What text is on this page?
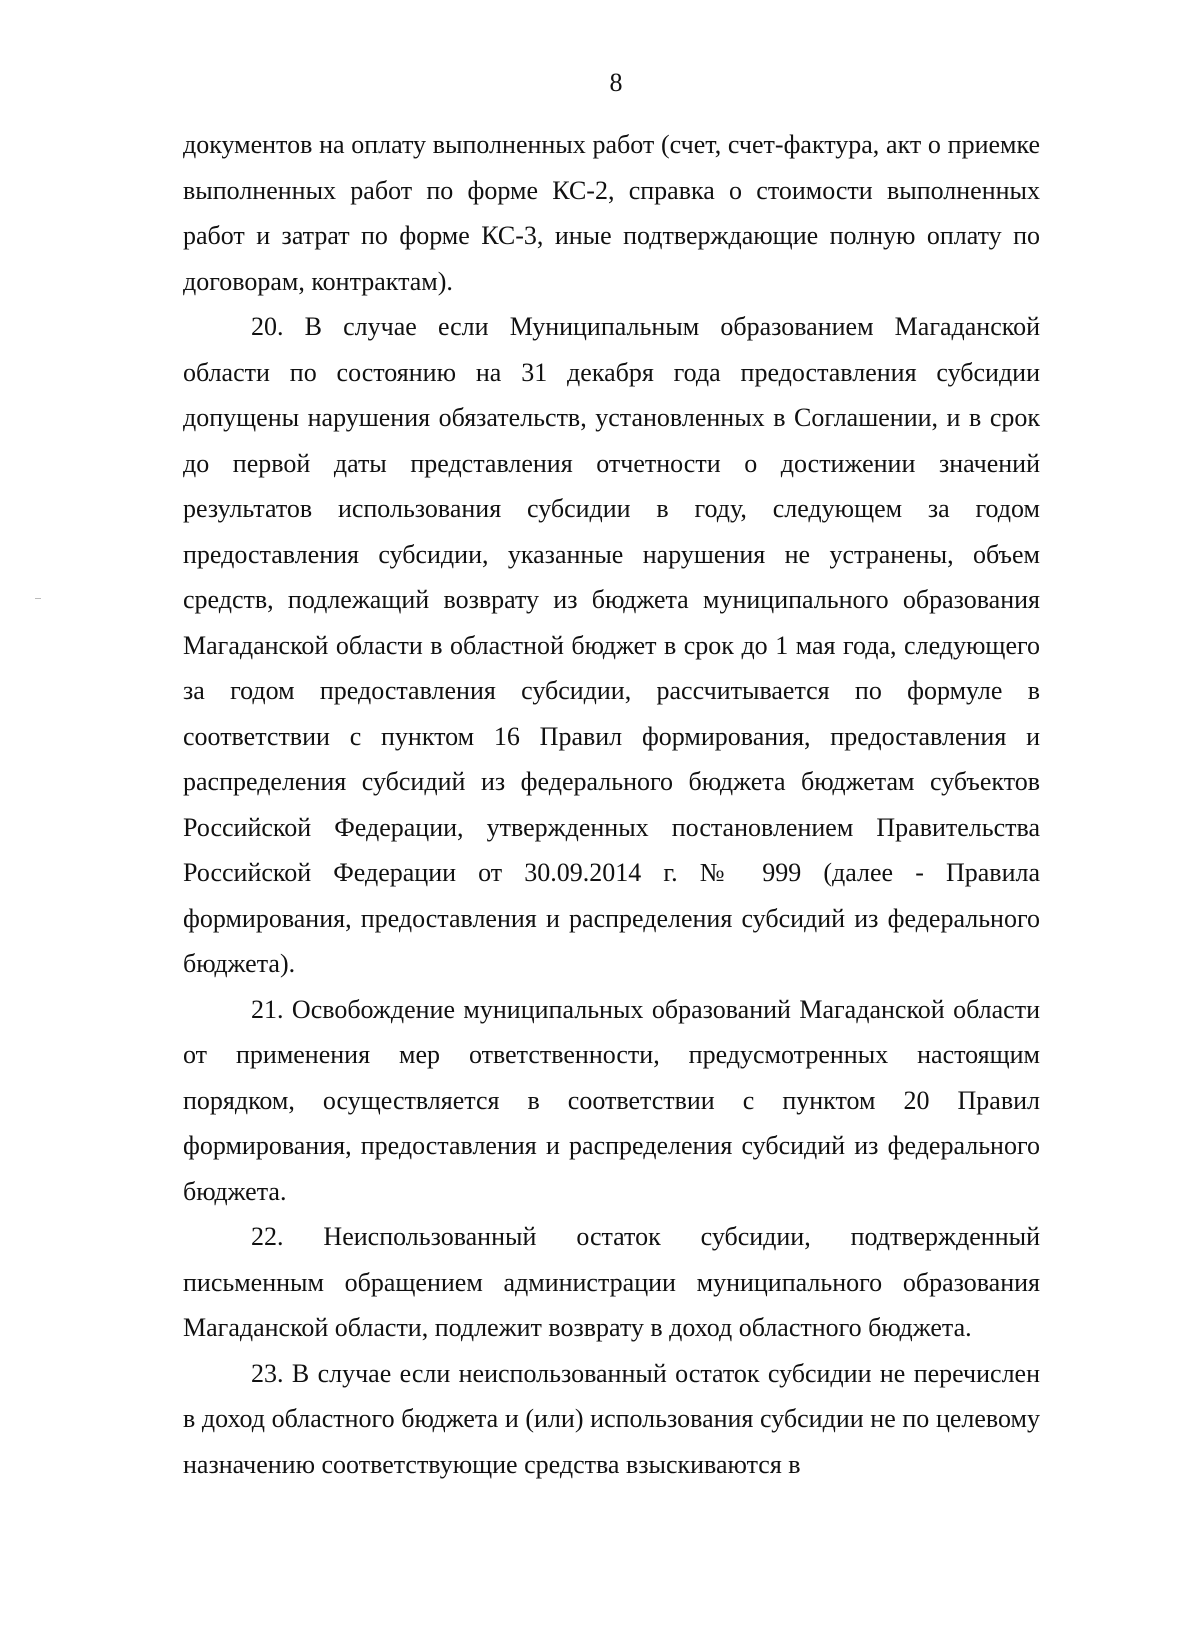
8

документов на оплату выполненных работ (счет, счет-фактура, акт о приемке выполненных работ по форме КС-2, справка о стоимости выполненных работ и затрат по форме КС-3, иные подтверждающие полную оплату по договорам, контрактам).

20. В случае если Муниципальным образованием Магаданской области по состоянию на 31 декабря года предоставления субсидии допущены нарушения обязательств, установленных в Соглашении, и в срок до первой даты представления отчетности о достижении значений результатов использования субсидии в году, следующем за годом предоставления субсидии, указанные нарушения не устранены, объем средств, подлежащий возврату из бюджета муниципального образования Магаданской области в областной бюджет в срок до 1 мая года, следующего за годом предоставления субсидии, рассчитывается по формуле в соответствии с пунктом 16 Правил формирования, предоставления и распределения субсидий из федерального бюджета бюджетам субъектов Российской Федерации, утвержденных постановлением Правительства Российской Федерации от 30.09.2014 г. № 999 (далее - Правила формирования, предоставления и распределения субсидий из федерального бюджета).

21. Освобождение муниципальных образований Магаданской области от применения мер ответственности, предусмотренных настоящим порядком, осуществляется в соответствии с пунктом 20 Правил формирования, предоставления и распределения субсидий из федерального бюджета.

22. Неиспользованный остаток субсидии, подтвержденный письменным обращением администрации муниципального образования Магаданской области, подлежит возврату в доход областного бюджета.

23. В случае если неиспользованный остаток субсидии не перечислен в доход областного бюджета и (или) использования субсидии не по целевому назначению соответствующие средства взыскиваются в
